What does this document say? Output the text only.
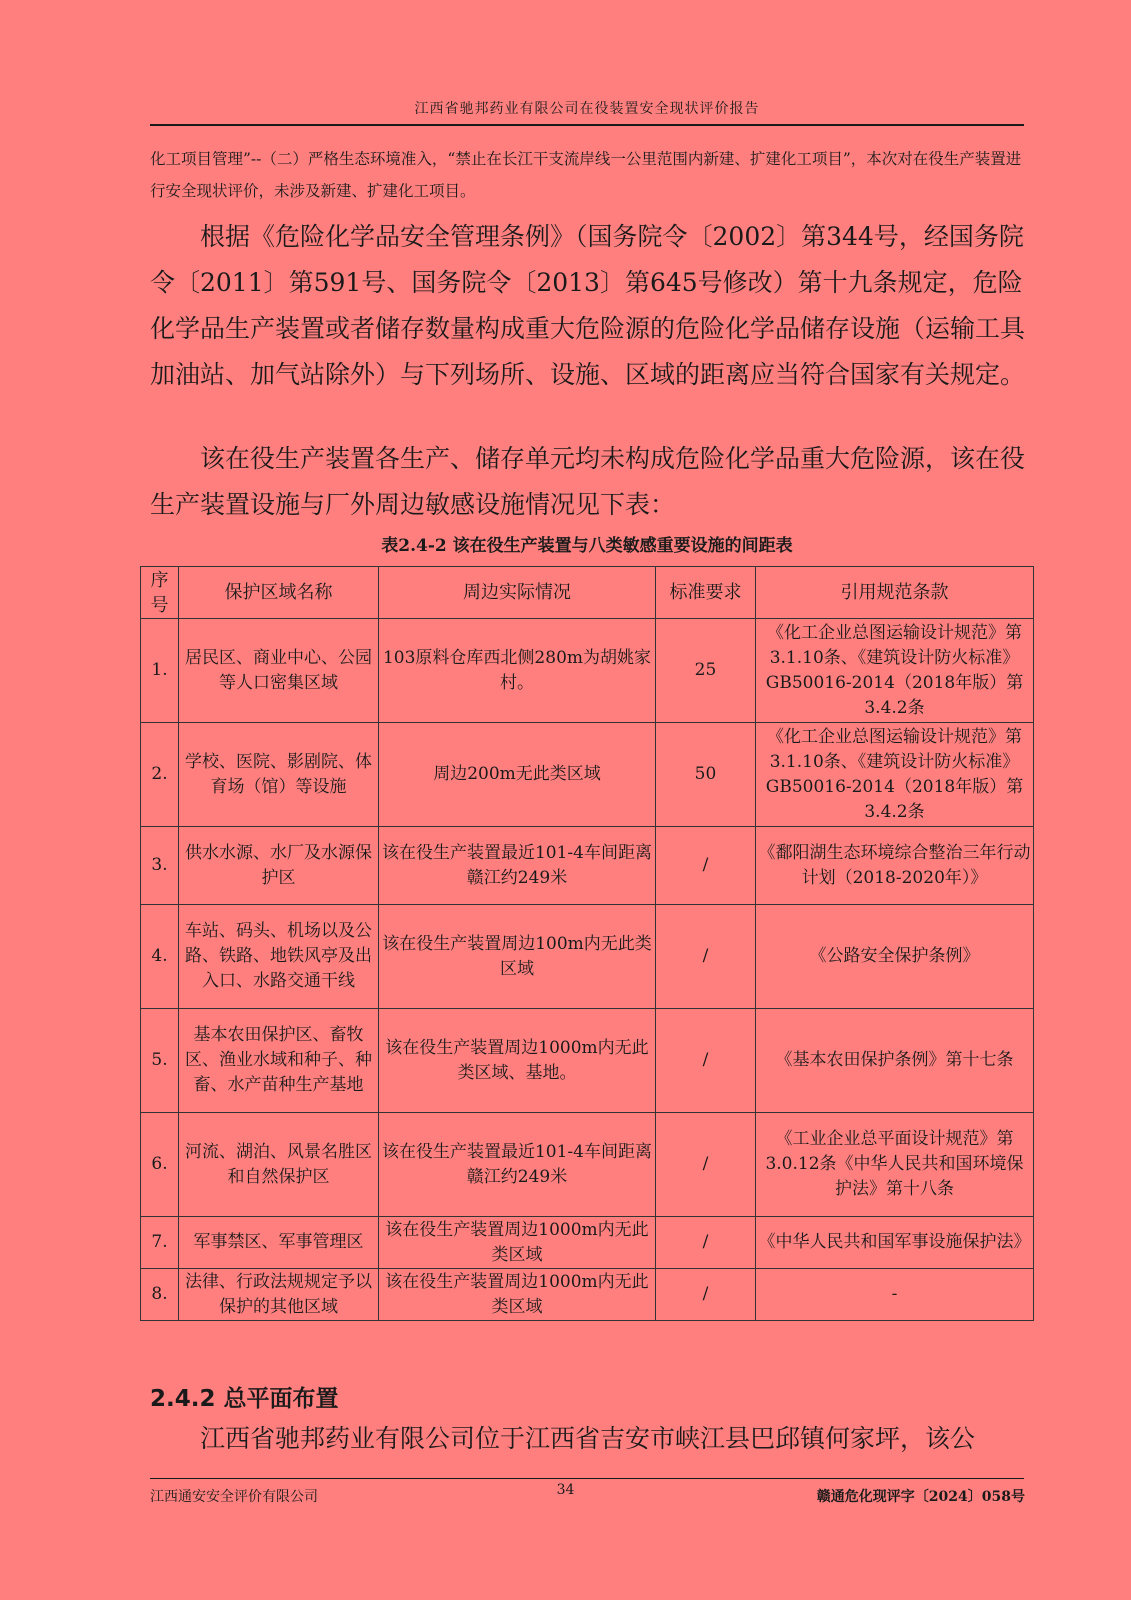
江西省驰邦药业有限公司在役装置安全现状评价报告

化工项目管理”--（二）严格生态环境准入，“禁止在长江干支流岸线一公里范围内新建、扩建化工项目”，本次对在役生产装置进行安全现状评价，未涉及新建、扩建化工项目。

根据《危险化学品安全管理条例》（国务院令〔2002〕第344号，经国务院令〔2011〕第591号、国务院令〔2013〕第645号修改）第十九条规定，危险化学品生产装置或者储存数量构成重大危险源的危险化学品储存设施（运输工具加油站、加气站除外）与下列场所、设施、区域的距离应当符合国家有关规定。

该在役生产装置各生产、储存单元均未构成危险化学品重大危险源，该在役生产装置设施与厂外周边敏感设施情况见下表：

表2.4-2 该在役生产装置与八类敏感重要设施的间距表

序号	保护区域名称	周边实际情况	标准要求	引用规范条款
1.	居民区、商业中心、公园等人口密集区域	103原料仓库西北侧280m为胡姚家村。	25	《化工企业总图运输设计规范》第3.1.10条、《建筑设计防火标准》GB50016-2014（2018年版）第3.4.2条
2.	学校、医院、影剧院、体育场（馆）等设施	周边200m无此类区域	50	《化工企业总图运输设计规范》第3.1.10条、《建筑设计防火标准》GB50016-2014（2018年版）第3.4.2条
3.	供水水源、水厂及水源保护区	该在役生产装置最近101-4车间距离赣江约249米	/	《鄱阳湖生态环境综合整治三年行动计划（2018-2020年）》
4.	车站、码头、机场以及公路、铁路、地铁风亭及出入口、水路交通干线	该在役生产装置周边100m内无此类区域	/	《公路安全保护条例》
5.	基本农田保护区、畜牧区、渔业水域和种子、种畜、水产苗种生产基地	该在役生产装置周边1000m内无此类区域、基地。	/	《基本农田保护条例》第十七条
6.	河流、湖泊、风景名胜区和自然保护区	该在役生产装置最近101-4车间距离赣江约249米	/	《工业企业总平面设计规范》第3.0.12条《中华人民共和国环境保护法》第十八条
7.	军事禁区、军事管理区	该在役生产装置周边1000m内无此类区域	/	《中华人民共和国军事设施保护法》
8.	法律、行政法规规定予以保护的其他区域	该在役生产装置周边1000m内无此类区域	/	-
2.4.2 总平面布置

江西省驰邦药业有限公司位于江西省吉安市峡江县巴邱镇何家坪，该公

江西通安安全评价有限公司	34	赣通危化现评字〔2024〕058号
